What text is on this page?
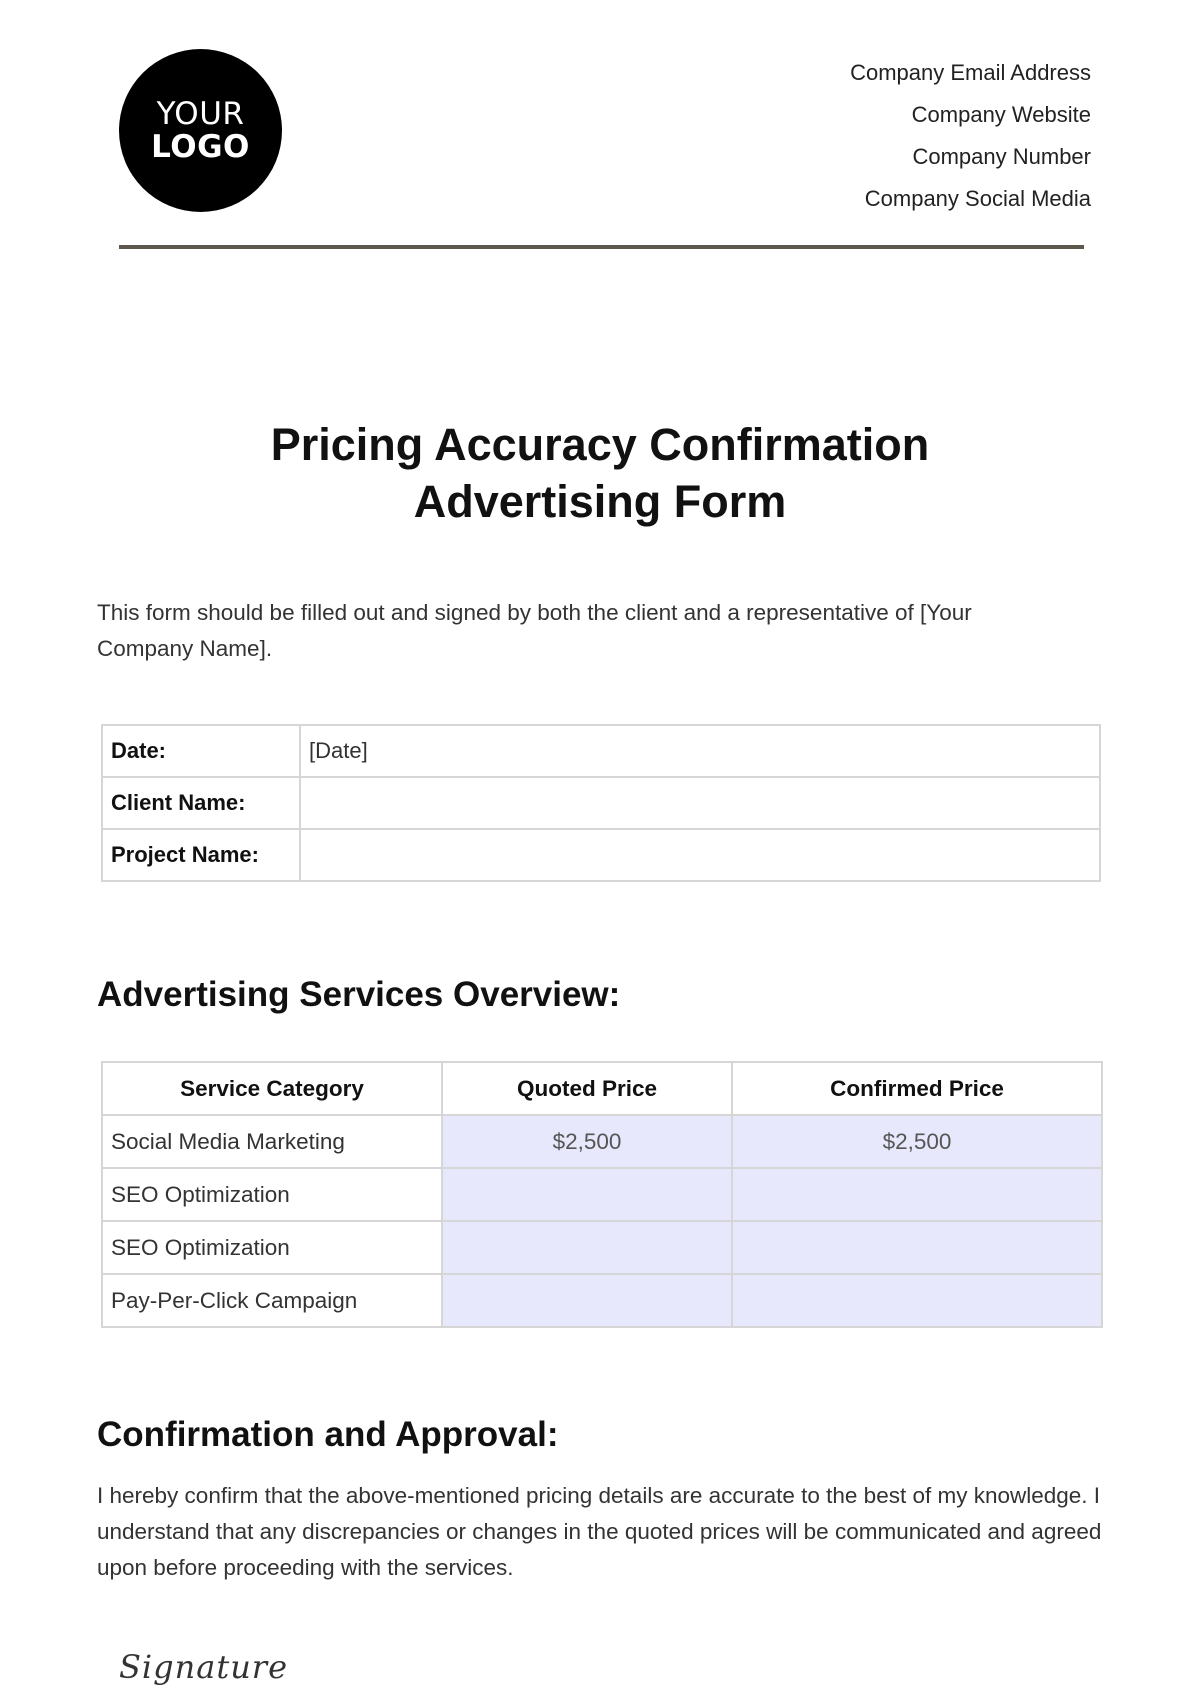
YOUR
LOGO
Company Email Address
Company Website
Company Number
Company Social Media
Pricing Accuracy Confirmation
Advertising Form
This form should be filled out and signed by both the client and a representative of [Your Company Name].
Date:	[Date]
Client Name:	
Project Name:	
Advertising Services Overview:
Service Category	Quoted Price	Confirmed Price
Social Media Marketing	$2,500	$2,500
SEO Optimization		
SEO Optimization		
Pay-Per-Click Campaign		
Confirmation and Approval:
I hereby confirm that the above-mentioned pricing details are accurate to the best of my knowledge. I understand that any discrepancies or changes in the quoted prices will be communicated and agreed upon before proceeding with the services.
Signature
